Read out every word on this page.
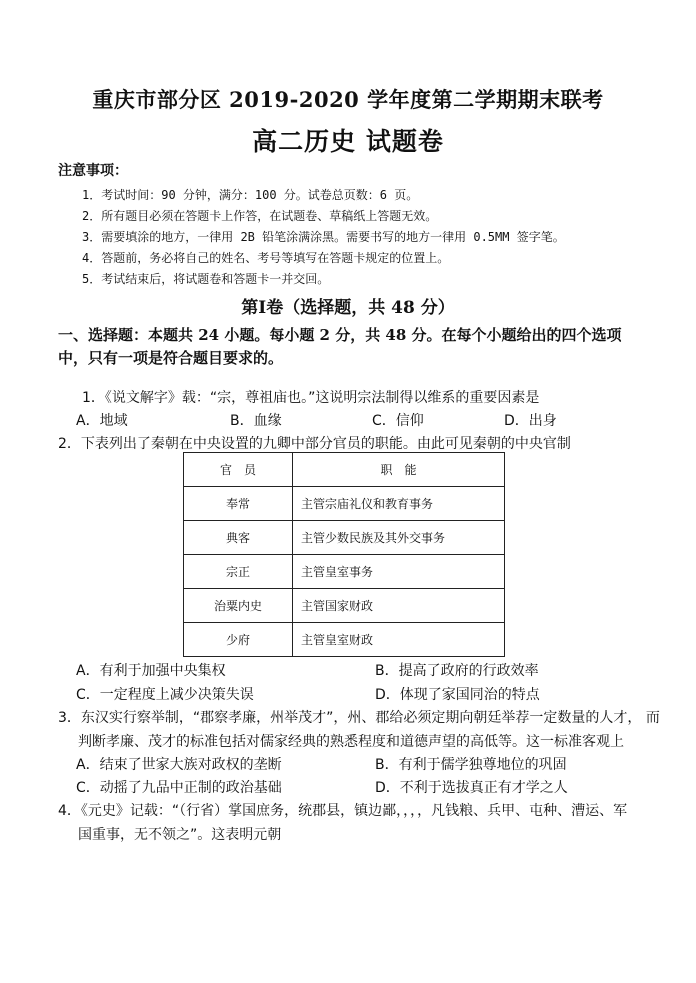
重庆市部分区 2019-2020 学年度第二学期期末联考
高二历史 试题卷
注意事项：
1．考试时间：90 分钟，满分：100 分。试卷总页数：6 页。
2．所有题目必须在答题卡上作答，在试题卷、草稿纸上答题无效。
3．需要填涂的地方，一律用 2B 铅笔涂满涂黑。需要书写的地方一律用 0.5MM 签字笔。
4．答题前，务必将自己的姓名、考号等填写在答题卡规定的位置上。
5．考试结束后，将试题卷和答题卡一并交回。
第Ⅰ卷（选择题，共 48 分）
一、选择题：本题共 24 小题。每小题 2 分，共 48 分。在每个小题给出的四个选项
中，只有一项是符合题目要求的。
1．《说文解字》载：“宗，尊祖庙也。”这说明宗法制得以维系的重要因素是
A．地域	B．血缘	C．信仰	D．出身
2．下表列出了秦朝在中央设置的九卿中部分官员的职能。由此可见秦朝的中央官制
官　员	职　能
奉常	主管宗庙礼仪和教育事务
典客	主管少数民族及其外交事务
宗正	主管皇室事务
治粟内史	主管国家财政
少府	主管皇室财政
A．有利于加强中央集权	B．提高了政府的行政效率
C．一定程度上减少决策失误	D．体现了家国同治的特点
3．东汉实行察举制，“郡察孝廉，州举茂才”，州、郡给必须定期向朝廷举荐一定数量的人才， 而
判断孝廉、茂才的标准包括对儒家经典的熟悉程度和道德声望的高低等。这一标准客观上
A．结束了世家大族对政权的垄断	B．有利于儒学独尊地位的巩固
C．动摇了九品中正制的政治基础	D．不利于选拔真正有才学之人
4．《元史》记载：“（行省）掌国庶务，统郡县，镇边鄙，，，，凡钱粮、兵甲、屯种、漕运、军
国重事，无不领之”。这表明元朝
